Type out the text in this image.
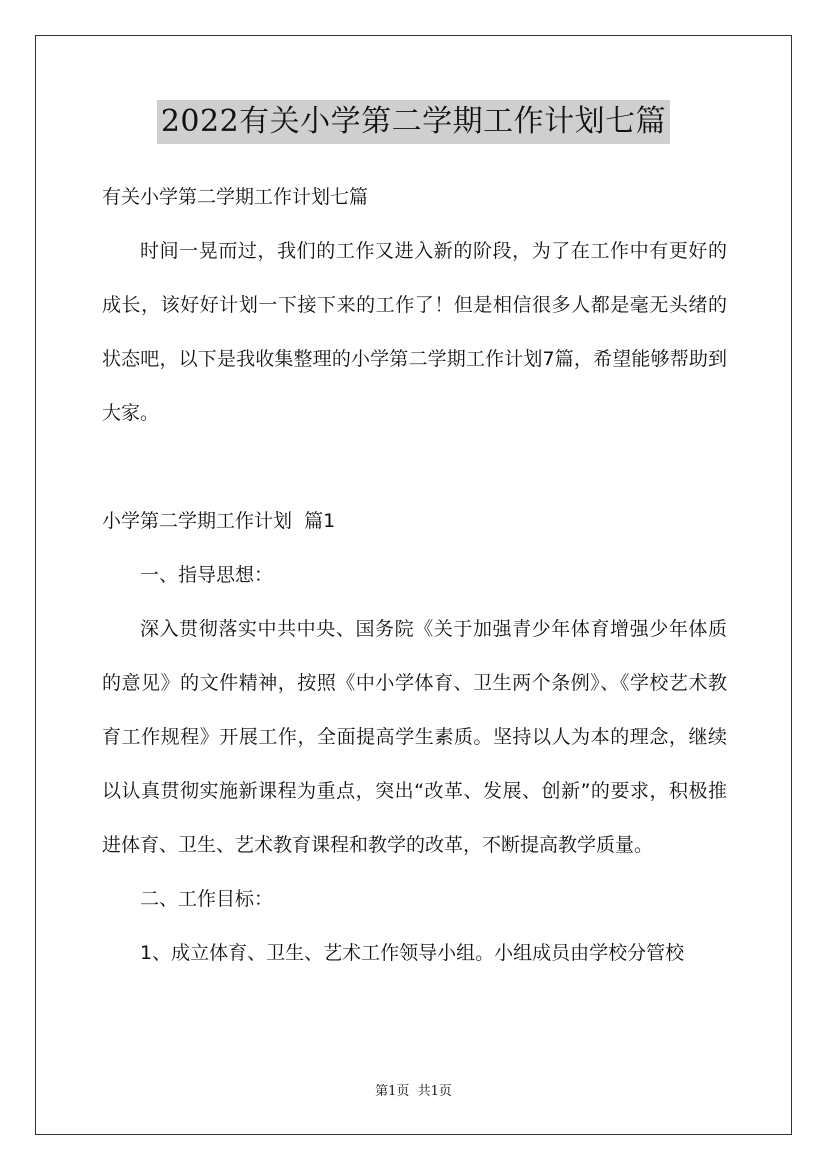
2022有关小学第二学期工作计划七篇

有关小学第二学期工作计划七篇

时间一晃而过，我们的工作又进入新的阶段，为了在工作中有更好的成长，该好好计划一下接下来的工作了！但是相信很多人都是毫无头绪的状态吧，以下是我收集整理的小学第二学期工作计划7篇，希望能够帮助到大家。

小学第二学期工作计划  篇1

一、指导思想：

深入贯彻落实中共中央、国务院《关于加强青少年体育增强少年体质的意见》的文件精神，按照《中小学体育、卫生两个条例》、《学校艺术教育工作规程》开展工作，全面提高学生素质。坚持以人为本的理念，继续以认真贯彻实施新课程为重点，突出“改革、发展、创新”的要求，积极推进体育、卫生、艺术教育课程和教学的改革，不断提高教学质量。

二、工作目标：

1、成立体育、卫生、艺术工作领导小组。小组成员由学校分管校

第1页  共1页
